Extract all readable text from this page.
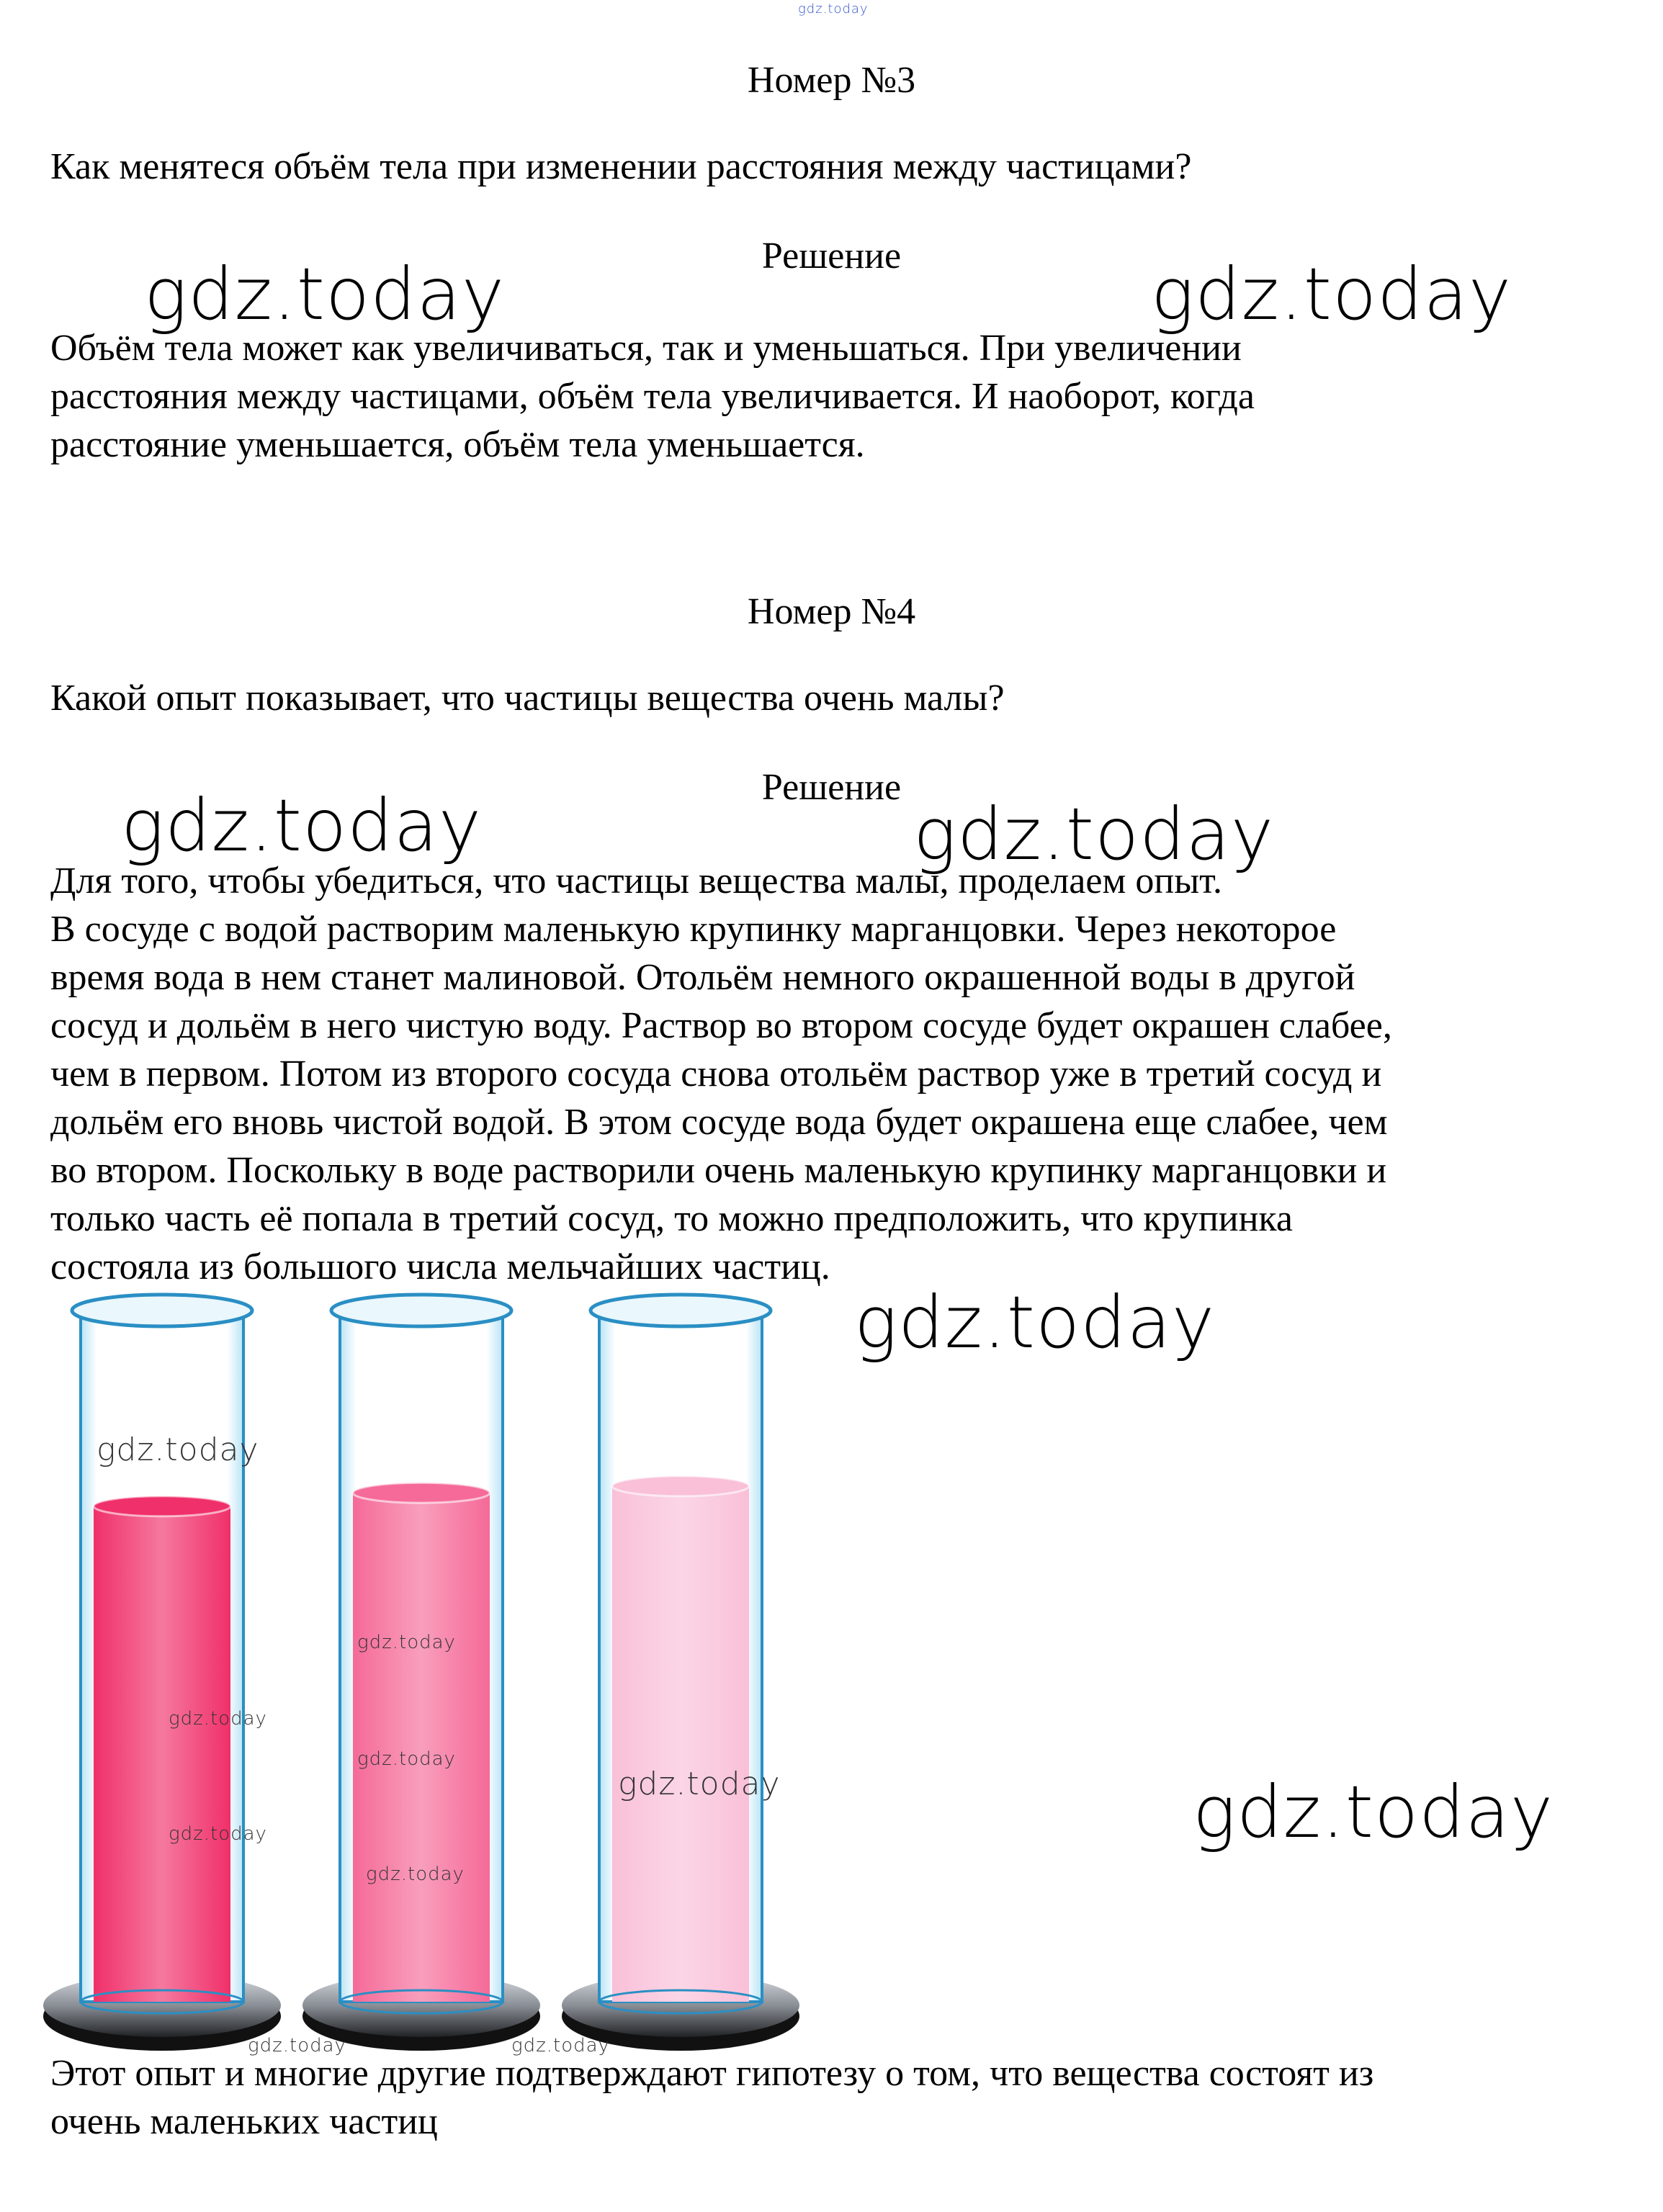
gdz.today
Номер №3
Как менятеся объём тела при изменении расстояния между частицами?
Решение
Объём тела может как увеличиваться, так и уменьшаться. При увеличении
расстояния между частицами, объём тела увеличивается. И наоборот, когда
расстояние уменьшается, объём тела уменьшается.
gdz.today	gdz.today
Номер №4
Какой опыт показывает, что частицы вещества очень малы?
Решение
Для того, чтобы убедиться, что частицы вещества малы, проделаем опыт.
В сосуде с водой растворим маленькую крупинку марганцовки. Через некоторое
время вода в нем станет малиновой. Отольём немного окрашенной воды в другой
сосуд и дольём в него чистую воду. Раствор во втором сосуде будет окрашен слабее,
чем в первом. Потом из второго сосуда снова отольём раствор уже в третий сосуд и
дольём его вновь чистой водой. В этом сосуде вода будет окрашена еще слабее, чем
во втором. Поскольку в воде растворили очень маленькую крупинку марганцовки и
только часть её попала в третий сосуд, то можно предположить, что крупинка
состояла из большого числа мельчайших частиц.
gdz.today	gdz.today
gdz.today
gdz.today
gdz.today
gdz.today
gdz.today
gdz.today
gdz.today
gdz.today
gdz.today
gdz.today	gdz.today
Этот опыт и многие другие подтверждают гипотезу о том, что вещества состоят из
очень маленьких частиц
